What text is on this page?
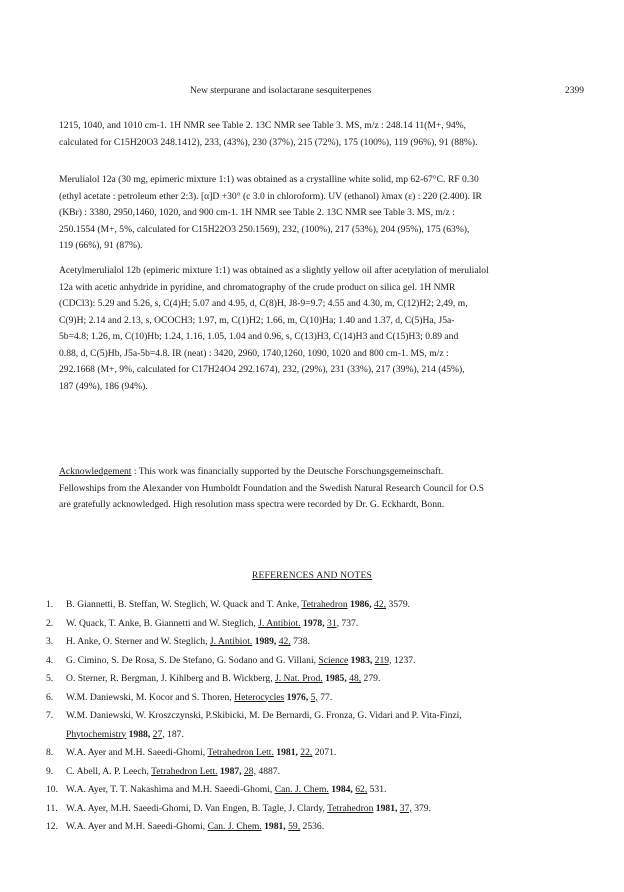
New sterpurane and isolactarane sesquiterpenes	2399
1215, 1040, and 1010 cm-1. 1H NMR see Table 2. 13C NMR see Table 3. MS, m/z : 248.14 11(M+, 94%,
calculated for C15H20O3 248.1412), 233, (43%), 230 (37%), 215 (72%), 175 (100%), 119 (96%), 91 (88%).
Merulialol 12a (30 mg, epimeric mixture 1:1) was obtained as a crystalline white solid, mp 62-67°C. RF 0.30
(ethyl acetate : petroleum ether 2:3). [α]D +30° (c 3.0 in chloroform). UV (ethanol) λmax (ε) : 220 (2.400). IR
(KBr) : 3380, 2950,1460, 1020, and 900 cm-1. 1H NMR see Table 2. 13C NMR see Table 3. MS, m/z :
250.1554 (M+, 5%, calculated for C15H22O3 250.1569), 232, (100%), 217 (53%), 204 (95%), 175 (63%),
119 (66%), 91 (87%).
Acetylmerulialol 12b (epimeric mixture 1:1) was obtained as a slightly yellow oil after acetylation of merulialol
12a with acetic anhydride in pyridine, and chromatography of the crude product on silica gel. 1H NMR
(CDCl3): 5.29 and 5.26, s, C(4)H; 5.07 and 4.95, d, C(8)H, J8-9=9.7; 4.55 and 4.30, m, C(12)H2; 2,49, m,
C(9)H; 2.14 and 2.13, s, OCOCH3; 1.97, m, C(1)H2; 1.66, m, C(10)Ha; 1.40 and 1.37, d, C(5)Ha, J5a-
5b=4.8; 1.26, m, C(10)Hb; 1.24, 1.16, 1.05, 1.04 and 0.96, s, C(13)H3, C(14)H3 and C(15)H3; 0.89 and
0.88, d, C(5)Hb, J5a-5b=4.8. IR (neat) : 3420, 2960, 1740,1260, 1090, 1020 and 800 cm-1. MS, m/z :
292.1668 (M+, 9%, calculated for C17H24O4 292.1674), 232, (29%), 231 (33%), 217 (39%), 214 (45%),
187 (49%), 186 (94%).
Acknowledgement : This work was financially supported by the Deutsche Forschungsgemeinschaft.
Fellowships from the Alexander von Humboldt Foundation and the Swedish Natural Research Council for O.S
are gratefully acknowledged. High resolution mass spectra were recorded by Dr. G. Eckhardt, Bonn.
REFERENCES AND NOTES
1.	B. Giannetti, B. Steffan, W. Steglich, W. Quack and T. Anke, Tetrahedron 1986, 42, 3579.
2.	W. Quack, T. Anke, B. Giannetti and W. Steglich, J. Antibiot. 1978, 31, 737.
3.	H. Anke, O. Sterner and W. Steglich, J. Antibiot. 1989, 42, 738.
4.	G. Cimino, S. De Rosa, S. De Stefano, G. Sodano and G. Villani, Science 1983, 219, 1237.
5.	O. Sterner, R. Bergman, J. Kihlberg and B. Wickberg, J. Nat. Prod. 1985, 48, 279.
6.	W.M. Daniewski, M. Kocor and S. Thoren, Heterocycles 1976, 5, 77.
7.	W.M. Daniewski, W. Kroszczynski, P.Skibicki, M. De Bernardi, G. Fronza, G. Vidari and P. Vita-Finzi,
Phytochemistry 1988, 27, 187.
8.	W.A. Ayer and M.H. Saeedi-Ghomi, Tetrahedron Lett. 1981, 22, 2071.
9.	C. Abell, A. P. Leech, Tetrahedron Lett. 1987, 28, 4887.
10. W.A. Ayer, T. T. Nakashima and M.H. Saeedi-Ghomi, Can. J. Chem. 1984, 62, 531.
11. W.A. Ayer, M.H. Saeedi-Ghomi, D. Van Engen, B. Tagle, J. Clardy, Tetrahedron 1981, 37, 379.
12. W.A. Ayer and M.H. Saeedi-Ghomi, Can. J. Chem. 1981, 59, 2536.
